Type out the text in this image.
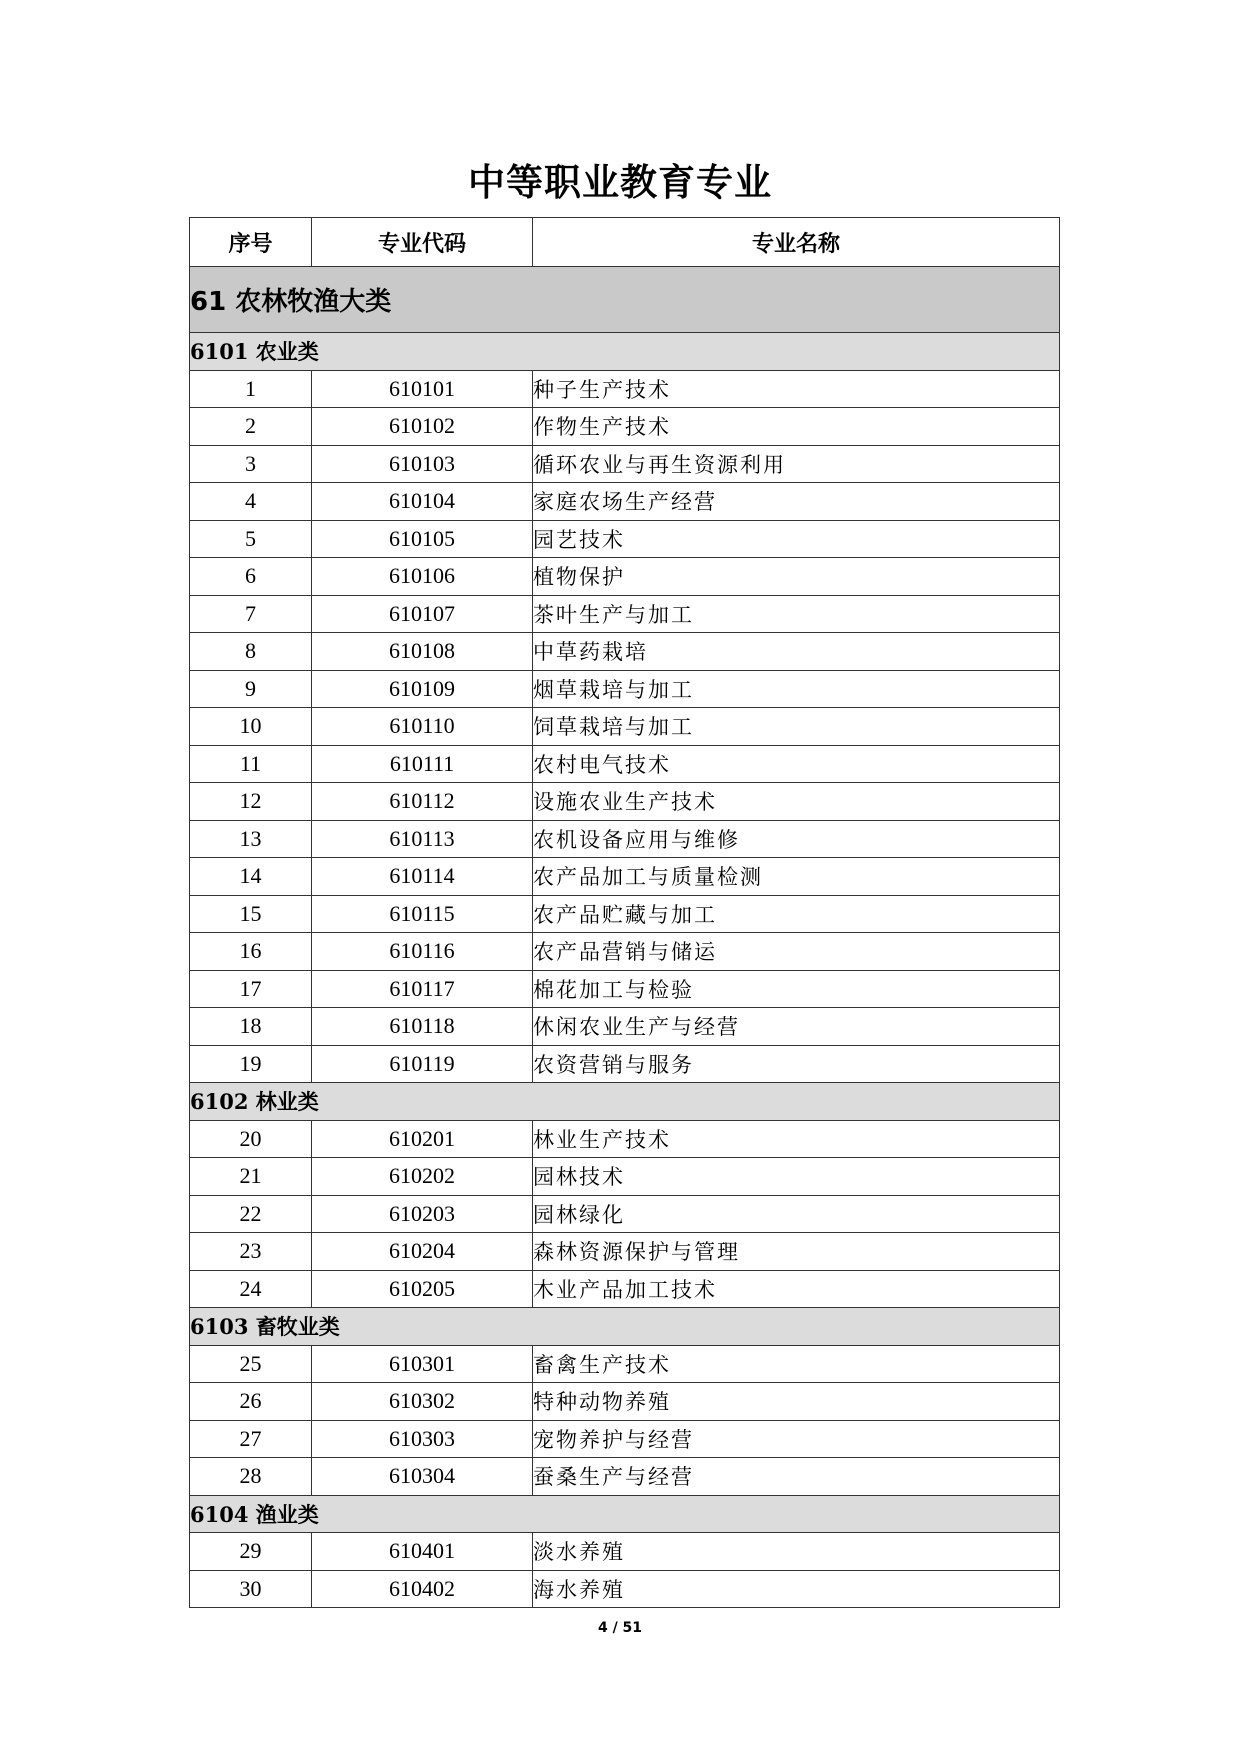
中等职业教育专业
序号	专业代码	专业名称
61 农林牧渔大类		
6101 农业类		
1	610101	种子生产技术
2	610102	作物生产技术
3	610103	循环农业与再生资源利用
4	610104	家庭农场生产经营
5	610105	园艺技术
6	610106	植物保护
7	610107	茶叶生产与加工
8	610108	中草药栽培
9	610109	烟草栽培与加工
10	610110	饲草栽培与加工
11	610111	农村电气技术
12	610112	设施农业生产技术
13	610113	农机设备应用与维修
14	610114	农产品加工与质量检测
15	610115	农产品贮藏与加工
16	610116	农产品营销与储运
17	610117	棉花加工与检验
18	610118	休闲农业生产与经营
19	610119	农资营销与服务
6102 林业类		
20	610201	林业生产技术
21	610202	园林技术
22	610203	园林绿化
23	610204	森林资源保护与管理
24	610205	木业产品加工技术
6103 畜牧业类		
25	610301	畜禽生产技术
26	610302	特种动物养殖
27	610303	宠物养护与经营
28	610304	蚕桑生产与经营
6104 渔业类		
29	610401	淡水养殖
30	610402	海水养殖
4 / 51
